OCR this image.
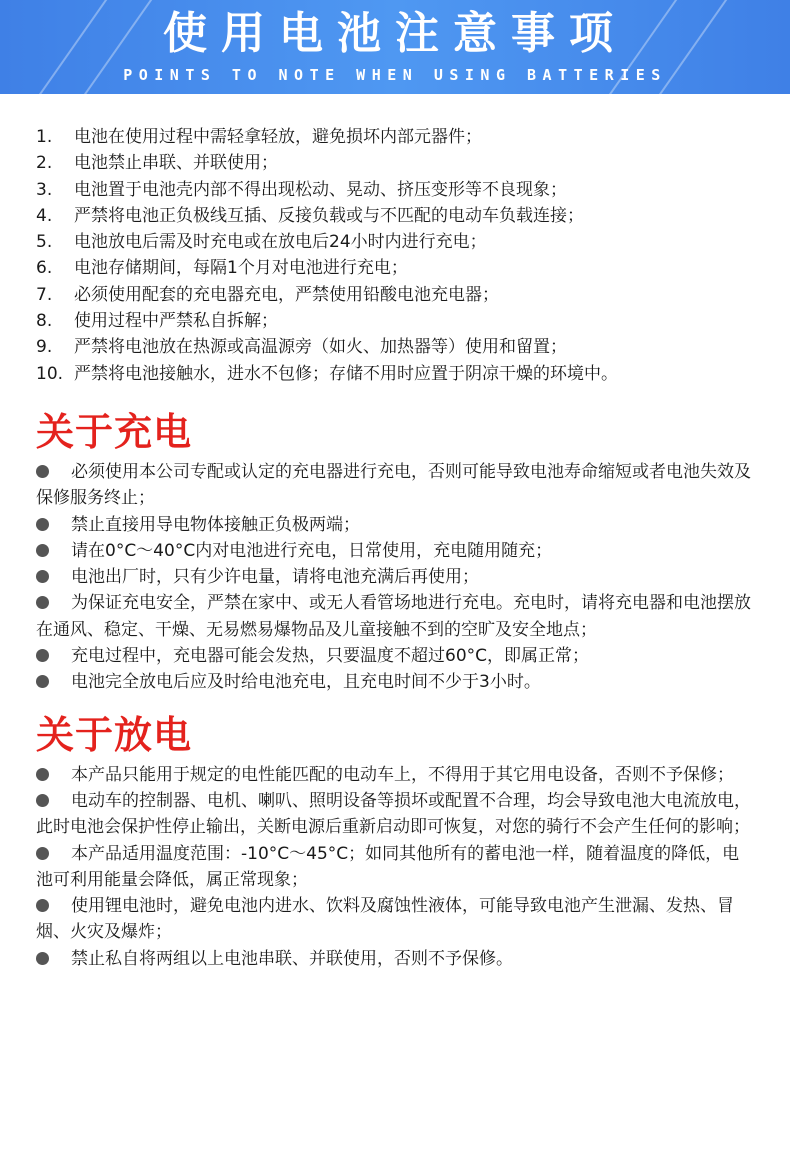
使用电池注意事项
POINTS TO NOTE WHEN USING BATTERIES
1.	电池在使用过程中需轻拿轻放，避免损坏内部元器件；
2.	电池禁止串联、并联使用；
3.	电池置于电池壳内部不得出现松动、晃动、挤压变形等不良现象；
4.	严禁将电池正负极线互插、反接负载或与不匹配的电动车负载连接；
5.	电池放电后需及时充电或在放电后24小时内进行充电；
6.	电池存储期间，每隔1个月对电池进行充电；
7.	必须使用配套的充电器充电，严禁使用铅酸电池充电器；
8.	使用过程中严禁私自拆解；
9.	严禁将电池放在热源或高温源旁（如火、加热器等）使用和留置；
10. 严禁将电池接触水，进水不包修；存储不用时应置于阴凉干燥的环境中。
关于充电
必须使用本公司专配或认定的充电器进行充电，否则可能导致电池寿命缩短或者电池失效及保修服务终止；
禁止直接用导电物体接触正负极两端；
请在0°C～40°C内对电池进行充电，日常使用，充电随用随充；
电池出厂时，只有少许电量，请将电池充满后再使用；
为保证充电安全，严禁在家中、或无人看管场地进行充电。充电时，请将充电器和电池摆放在通风、稳定、干燥、无易燃易爆物品及儿童接触不到的空旷及安全地点；
充电过程中，充电器可能会发热，只要温度不超过60°C，即属正常；
电池完全放电后应及时给电池充电，且充电时间不少于3小时。
关于放电
本产品只能用于规定的电性能匹配的电动车上，不得用于其它用电设备，否则不予保修；
电动车的控制器、电机、喇叭、照明设备等损坏或配置不合理，均会导致电池大电流放电，此时电池会保护性停止输出，关断电源后重新启动即可恢复，对您的骑行不会产生任何的影响；
本产品适用温度范围：-10°C～45°C；如同其他所有的蓄电池一样，随着温度的降低，电池可利用能量会降低，属正常现象；
使用锂电池时，避免电池内进水、饮料及腐蚀性液体，可能导致电池产生泄漏、发热、冒烟、火灾及爆炸；
禁止私自将两组以上电池串联、并联使用，否则不予保修。
